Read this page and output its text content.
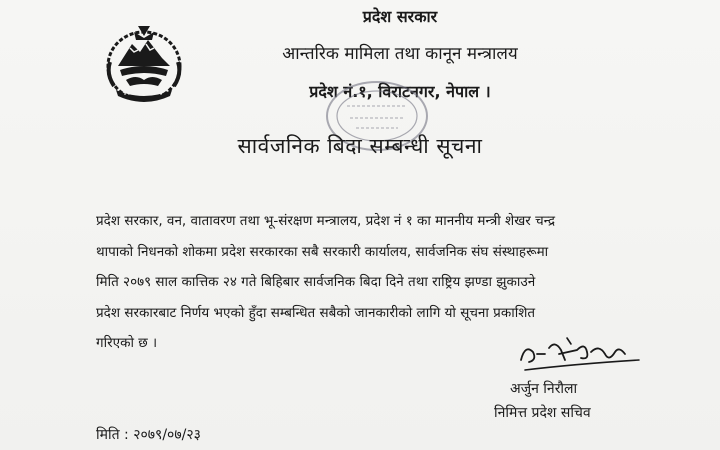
प्रदेश सरकार
आन्तरिक मामिला तथा कानून मन्त्रालय
प्रदेश नं.१, विराटनगर, नेपाल ।
सार्वजनिक बिदा सम्बन्धी सूचना
प्रदेश सरकार, वन, वातावरण तथा भू-संरक्षण मन्त्रालय, प्रदेश नं १ का माननीय मन्त्री शेखर चन्द्र
थापाको निधनको शोकमा प्रदेश सरकारका सबै सरकारी कार्यालय, सार्वजनिक संघ संस्थाहरूमा
मिति २०७९ साल कात्तिक २४ गते बिहिबार सार्वजनिक बिदा दिने तथा राष्ट्रिय झण्डा झुकाउने
प्रदेश सरकारबाट निर्णय भएको हुँदा सम्बन्धित सबैको जानकारीको लागि यो सूचना प्रकाशित
गरिएको छ ।
अर्जुन निरौला
निमित्त प्रदेश सचिव
मिति : २०७९/०७/२३
